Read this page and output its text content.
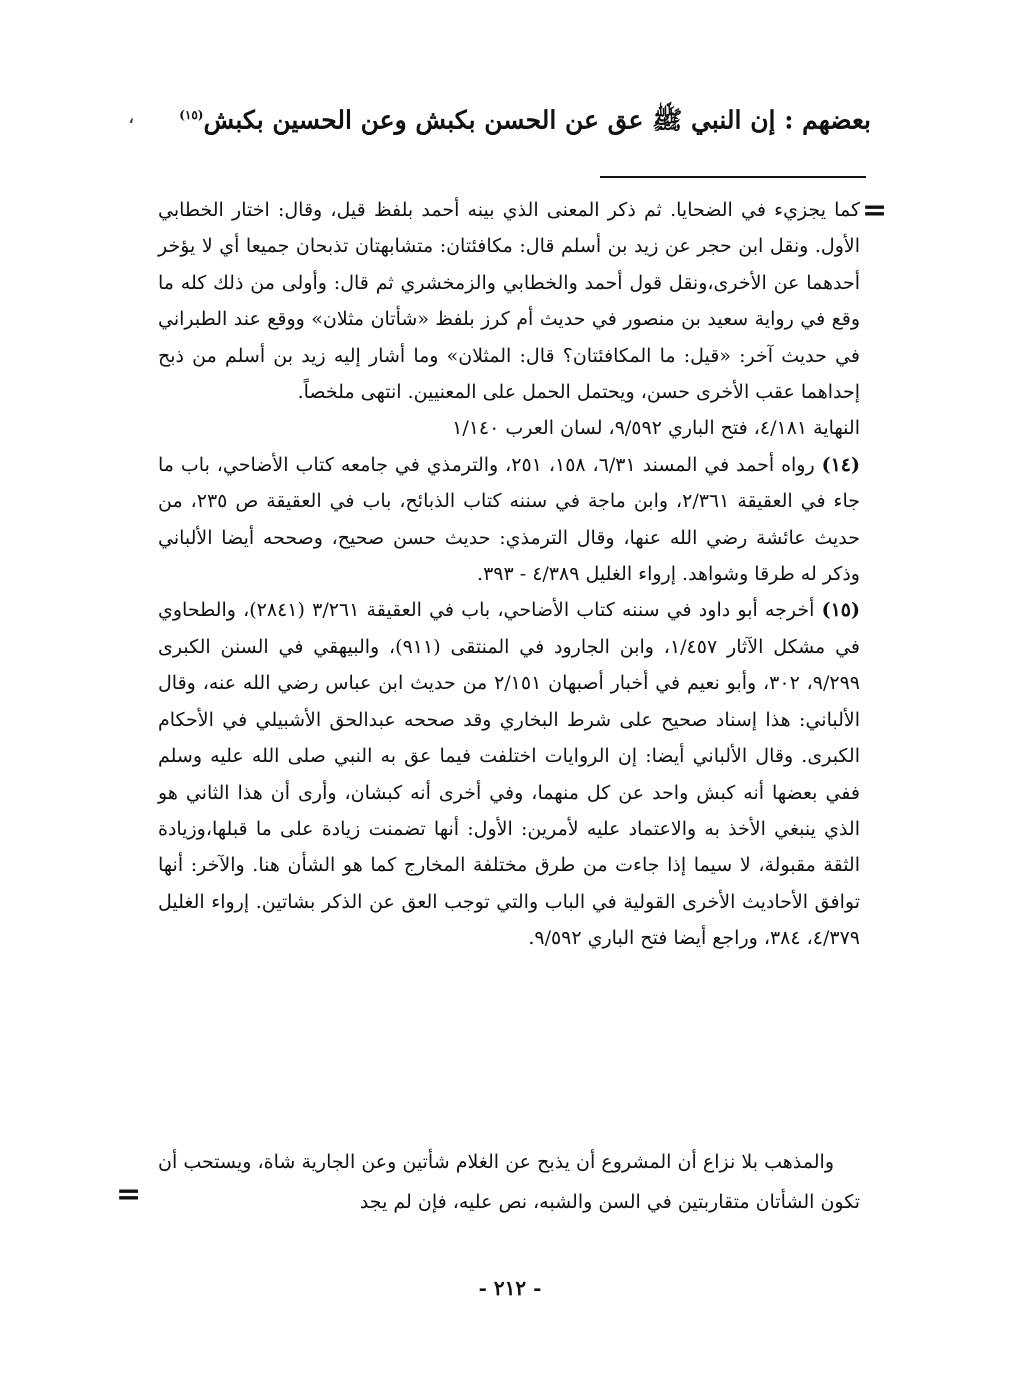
بعضهم : إن النبي ﷺ عق عن الحسن بكبش وعن الحسين بكبش$^{(١٥)}$
،
=

كما يجزيء في الضحايا. ثم ذكر المعنى الذي بينه أحمد بلفظ قيل، وقال: اختار الخطابي الأول. ونقل ابن حجر عن زيد بن أسلم قال: مكافئتان: متشابهتان تذبحان جميعا أي لا يؤخر أحدهما عن الأخرى،ونقل قول أحمد والخطابي والزمخشري ثم قال: وأولى من ذلك كله ما وقع في رواية سعيد بن منصور في حديث أم كرز بلفظ «شأتان مثلان» ووقع عند الطبراني في حديث آخر: «قيل: ما المكافئتان؟ قال: المثلان» وما أشار إليه زيد بن أسلم من ذبح إحداهما عقب الأخرى حسن، ويحتمل الحمل على المعنيين. انتهى ملخصاً.

النهاية ٤/١٨١، فتح الباري ٩/٥٩٢، لسان العرب ١/١٤٠

(١٤) رواه أحمد في المسند ٦/٣١، ١٥٨، ٢٥١، والترمذي في جامعه كتاب الأضاحي، باب ما جاء في العقيقة ٢/٣٦١، وابن ماجة في سننه كتاب الذبائح، باب في العقيقة ص ٢٣٥، من حديث عائشة رضي الله عنها، وقال الترمذي: حديث حسن صحيح، وصححه أيضا الألباني وذكر له طرقا وشواهد. إرواء الغليل ٤/٣٨٩ - ٣٩٣.

(١٥) أخرجه أبو داود في سننه كتاب الأضاحي، باب في العقيقة ٣/٢٦١ (٢٨٤١)، والطحاوي في مشكل الآثار ١/٤٥٧، وابن الجارود في المنتقى (٩١١)، والبيهقي في السنن الكبرى ٩/٢٩٩، ٣٠٢، وأبو نعيم في أخبار أصبهان ٢/١٥١ من حديث ابن عباس رضي الله عنه، وقال الألباني: هذا إسناد صحيح على شرط البخاري وقد صححه عبدالحق الأشبيلي في الأحكام الكبرى. وقال الألباني أيضا: إن الروايات اختلفت فيما عق به النبي صلى الله عليه وسلم ففي بعضها أنه كبش واحد عن كل منهما، وفي أخرى أنه كبشان، وأرى أن هذا الثاني هو الذي ينبغي الأخذ به والاعتماد عليه لأمرين: الأول: أنها تضمنت زيادة على ما قبلها،وزيادة الثقة مقبولة، لا سيما إذا جاءت من طرق مختلفة المخارج كما هو الشأن هنا. والآخر: أنها توافق الأحاديث الأخرى القولية في الباب والتي توجب العق عن الذكر بشاتين. إرواء الغليل ٤/٣٧٩، ٣٨٤، وراجع أيضا فتح الباري ٩/٥٩٢.

والمذهب بلا نزاع أن المشروع أن يذبح عن الغلام شأتين وعن الجارية شاة، ويستحب أن تكون الشأتان متقاربتين في السن والشبه، نص عليه، فإن لم يجد

=
- ٢١٢ -
